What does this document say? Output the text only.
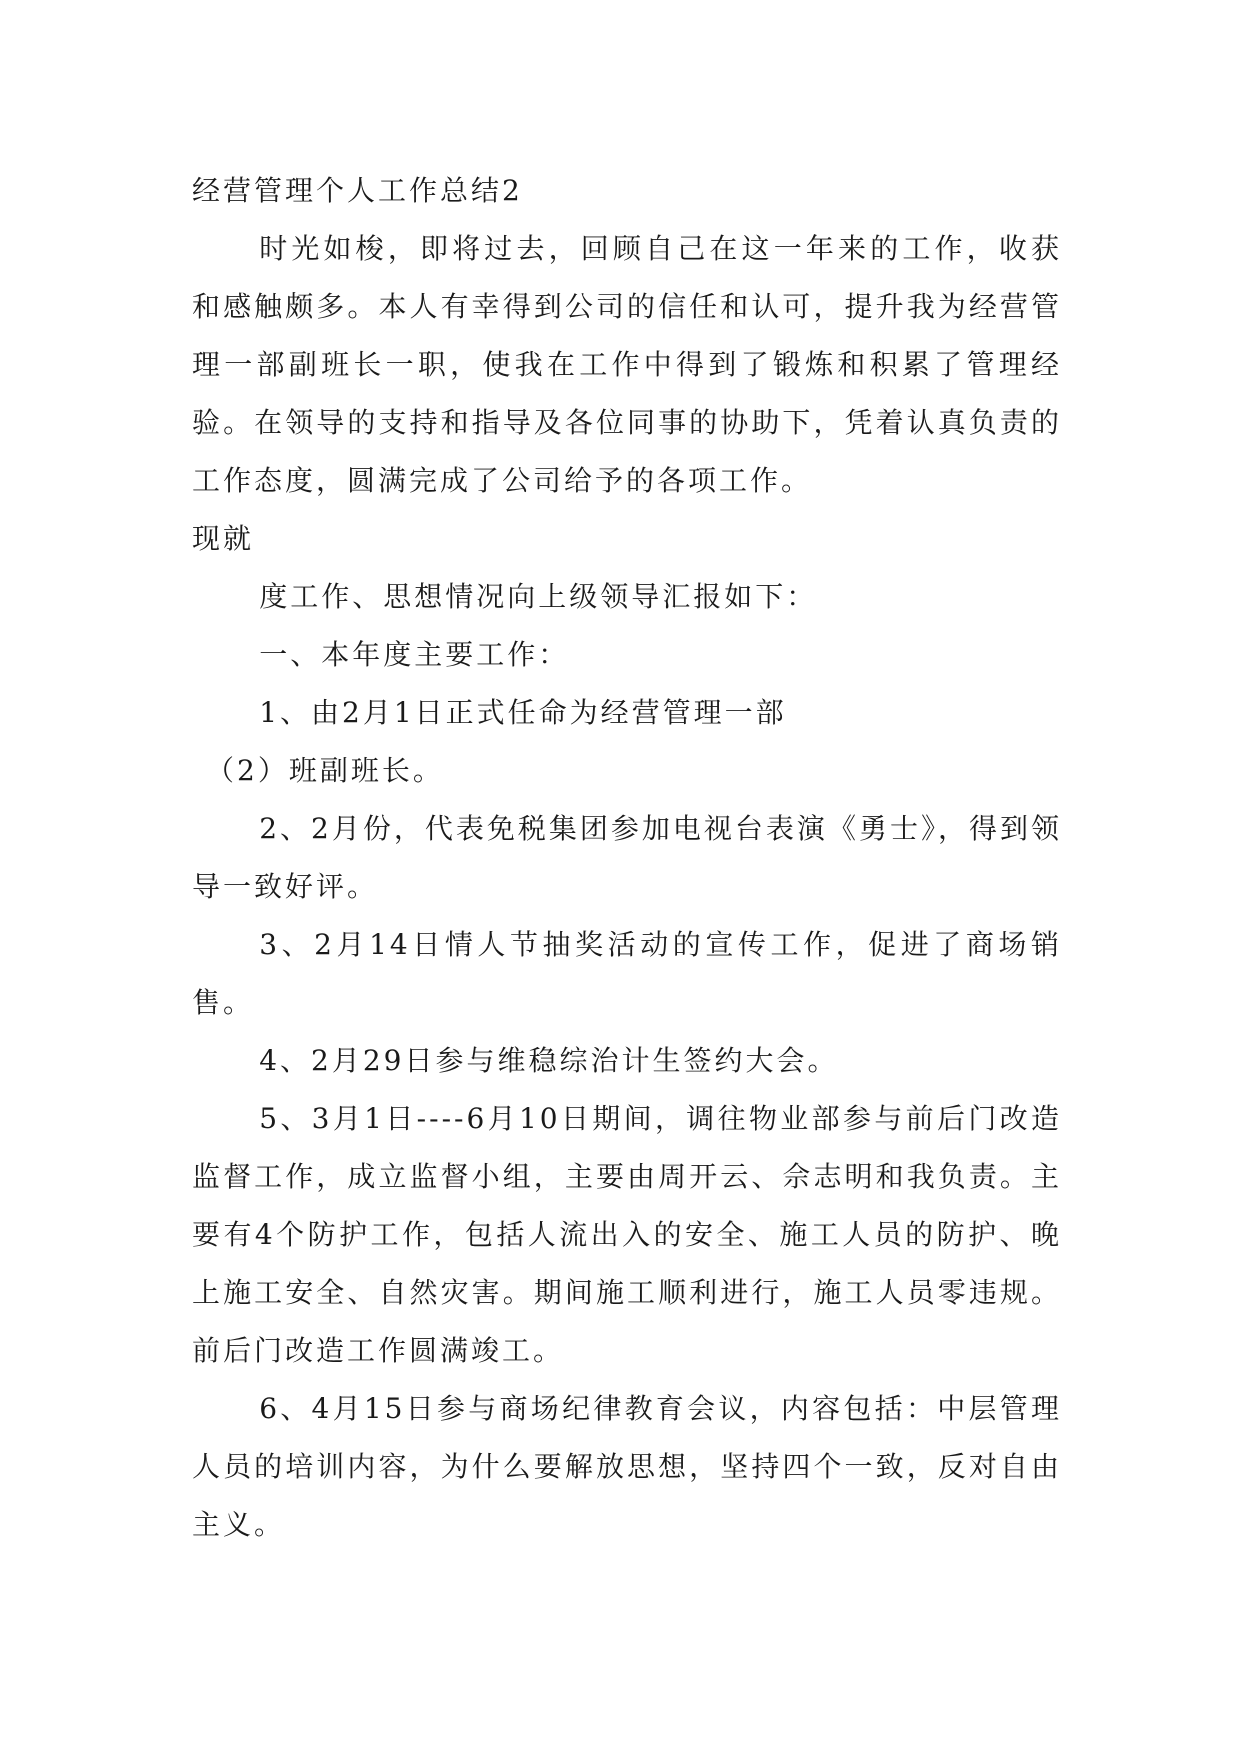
经营管理个人工作总结2

时光如梭，即将过去，回顾自己在这一年来的工作，收获和感触颇多。本人有幸得到公司的信任和认可，提升我为经营管理一部副班长一职，使我在工作中得到了锻炼和积累了管理经验。在领导的支持和指导及各位同事的协助下，凭着认真负责的工作态度，圆满完成了公司给予的各项工作。

现就

度工作、思想情况向上级领导汇报如下：

一、本年度主要工作：

1、由2月1日正式任命为经营管理一部

（2）班副班长。

2、2月份，代表免税集团参加电视台表演《勇士》，得到领导一致好评。

3、2月14日情人节抽奖活动的宣传工作，促进了商场销售。

4、2月29日参与维稳综治计生签约大会。

5、3月1日----6月10日期间，调往物业部参与前后门改造监督工作，成立监督小组，主要由周开云、佘志明和我负责。主要有4个防护工作，包括人流出入的安全、施工人员的防护、晚上施工安全、自然灾害。期间施工顺利进行，施工人员零违规。前后门改造工作圆满竣工。

6、4月15日参与商场纪律教育会议，内容包括：中层管理人员的培训内容，为什么要解放思想，坚持四个一致，反对自由主义。
